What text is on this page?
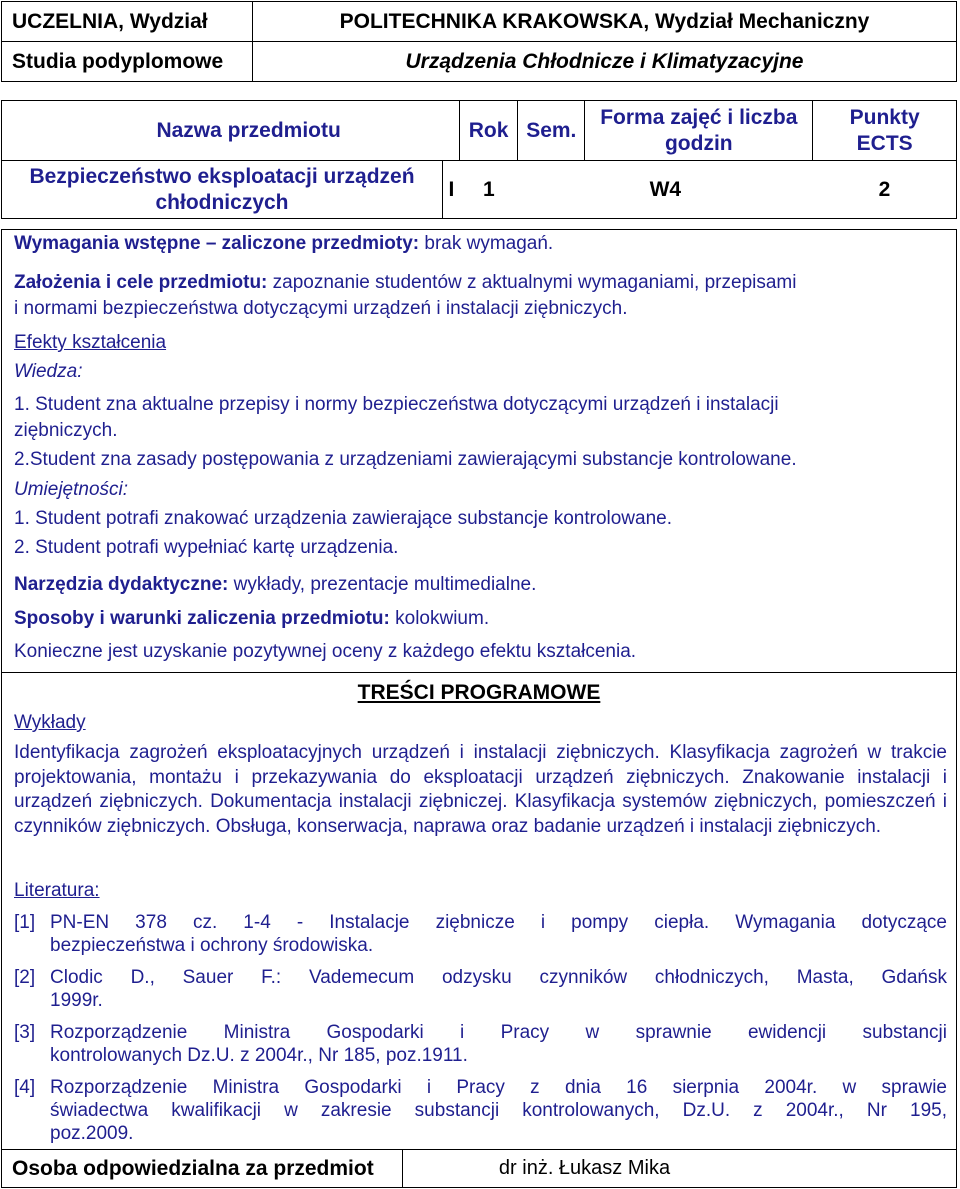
UCZELNIA, Wydział	POLITECHNIKA KRAKOWSKA, Wydział Mechaniczny
Studia podyplomowe	Urządzenia Chłodnicze i Klimatyzacyjne
Nazwa przedmiotu		Rok	Sem.	Forma zajęć i liczba godzin	Punkty ECTS
Bezpieczeństwo eksploatacji urządzeń chłodniczych	I	1	W4		2
Wymagania wstępne – zaliczone przedmioty: brak wymagań.
Założenia i cele przedmiotu: zapoznanie studentów z aktualnymi wymaganiami, przepisami
i normami bezpieczeństwa dotyczącymi urządzeń i instalacji ziębniczych.
Efekty kształcenia
Wiedza:
1. Student zna aktualne przepisy i normy bezpieczeństwa dotyczącymi urządzeń i instalacji
ziębniczych.
2.Student zna zasady postępowania z urządzeniami zawierającymi substancje kontrolowane.
Umiejętności:
1. Student potrafi znakować urządzenia zawierające substancje kontrolowane.
2. Student potrafi wypełniać kartę urządzenia.
Narzędzia dydaktyczne: wykłady, prezentacje multimedialne.
Sposoby i warunki zaliczenia przedmiotu: kolokwium.
Konieczne jest uzyskanie pozytywnej oceny z każdego efektu kształcenia.
TREŚCI PROGRAMOWE
Wykłady
Identyfikacja zagrożeń eksploatacyjnych urządzeń i instalacji ziębniczych. Klasyfikacja zagrożeń w trakcie projektowania, montażu i przekazywania do eksploatacji urządzeń ziębniczych. Znakowanie instalacji i urządzeń ziębniczych. Dokumentacja instalacji ziębniczej. Klasyfikacja systemów ziębniczych, pomieszczeń i czynników ziębniczych. Obsługa, konserwacja, naprawa oraz badanie urządzeń i instalacji ziębniczych.
Literatura:
[1] PN-EN 378 cz. 1-4 - Instalacje ziębnicze i pompy ciepła. Wymagania dotyczące
bezpieczeństwa i ochrony środowiska.
[2] Clodic D., Sauer F.: Vademecum odzysku czynników chłodniczych, Masta, Gdańsk
1999r.
[3] Rozporządzenie Ministra Gospodarki i Pracy w sprawnie ewidencji substancji
kontrolowanych Dz.U. z 2004r., Nr 185, poz.1911.
[4] Rozporządzenie Ministra Gospodarki i Pracy z dnia 16 sierpnia 2004r. w sprawie
świadectwa kwalifikacji w zakresie substancji kontrolowanych, Dz.U. z 2004r., Nr 195,
poz.2009.
Osoba odpowiedzialna za przedmiot	dr inż. Łukasz Mika
